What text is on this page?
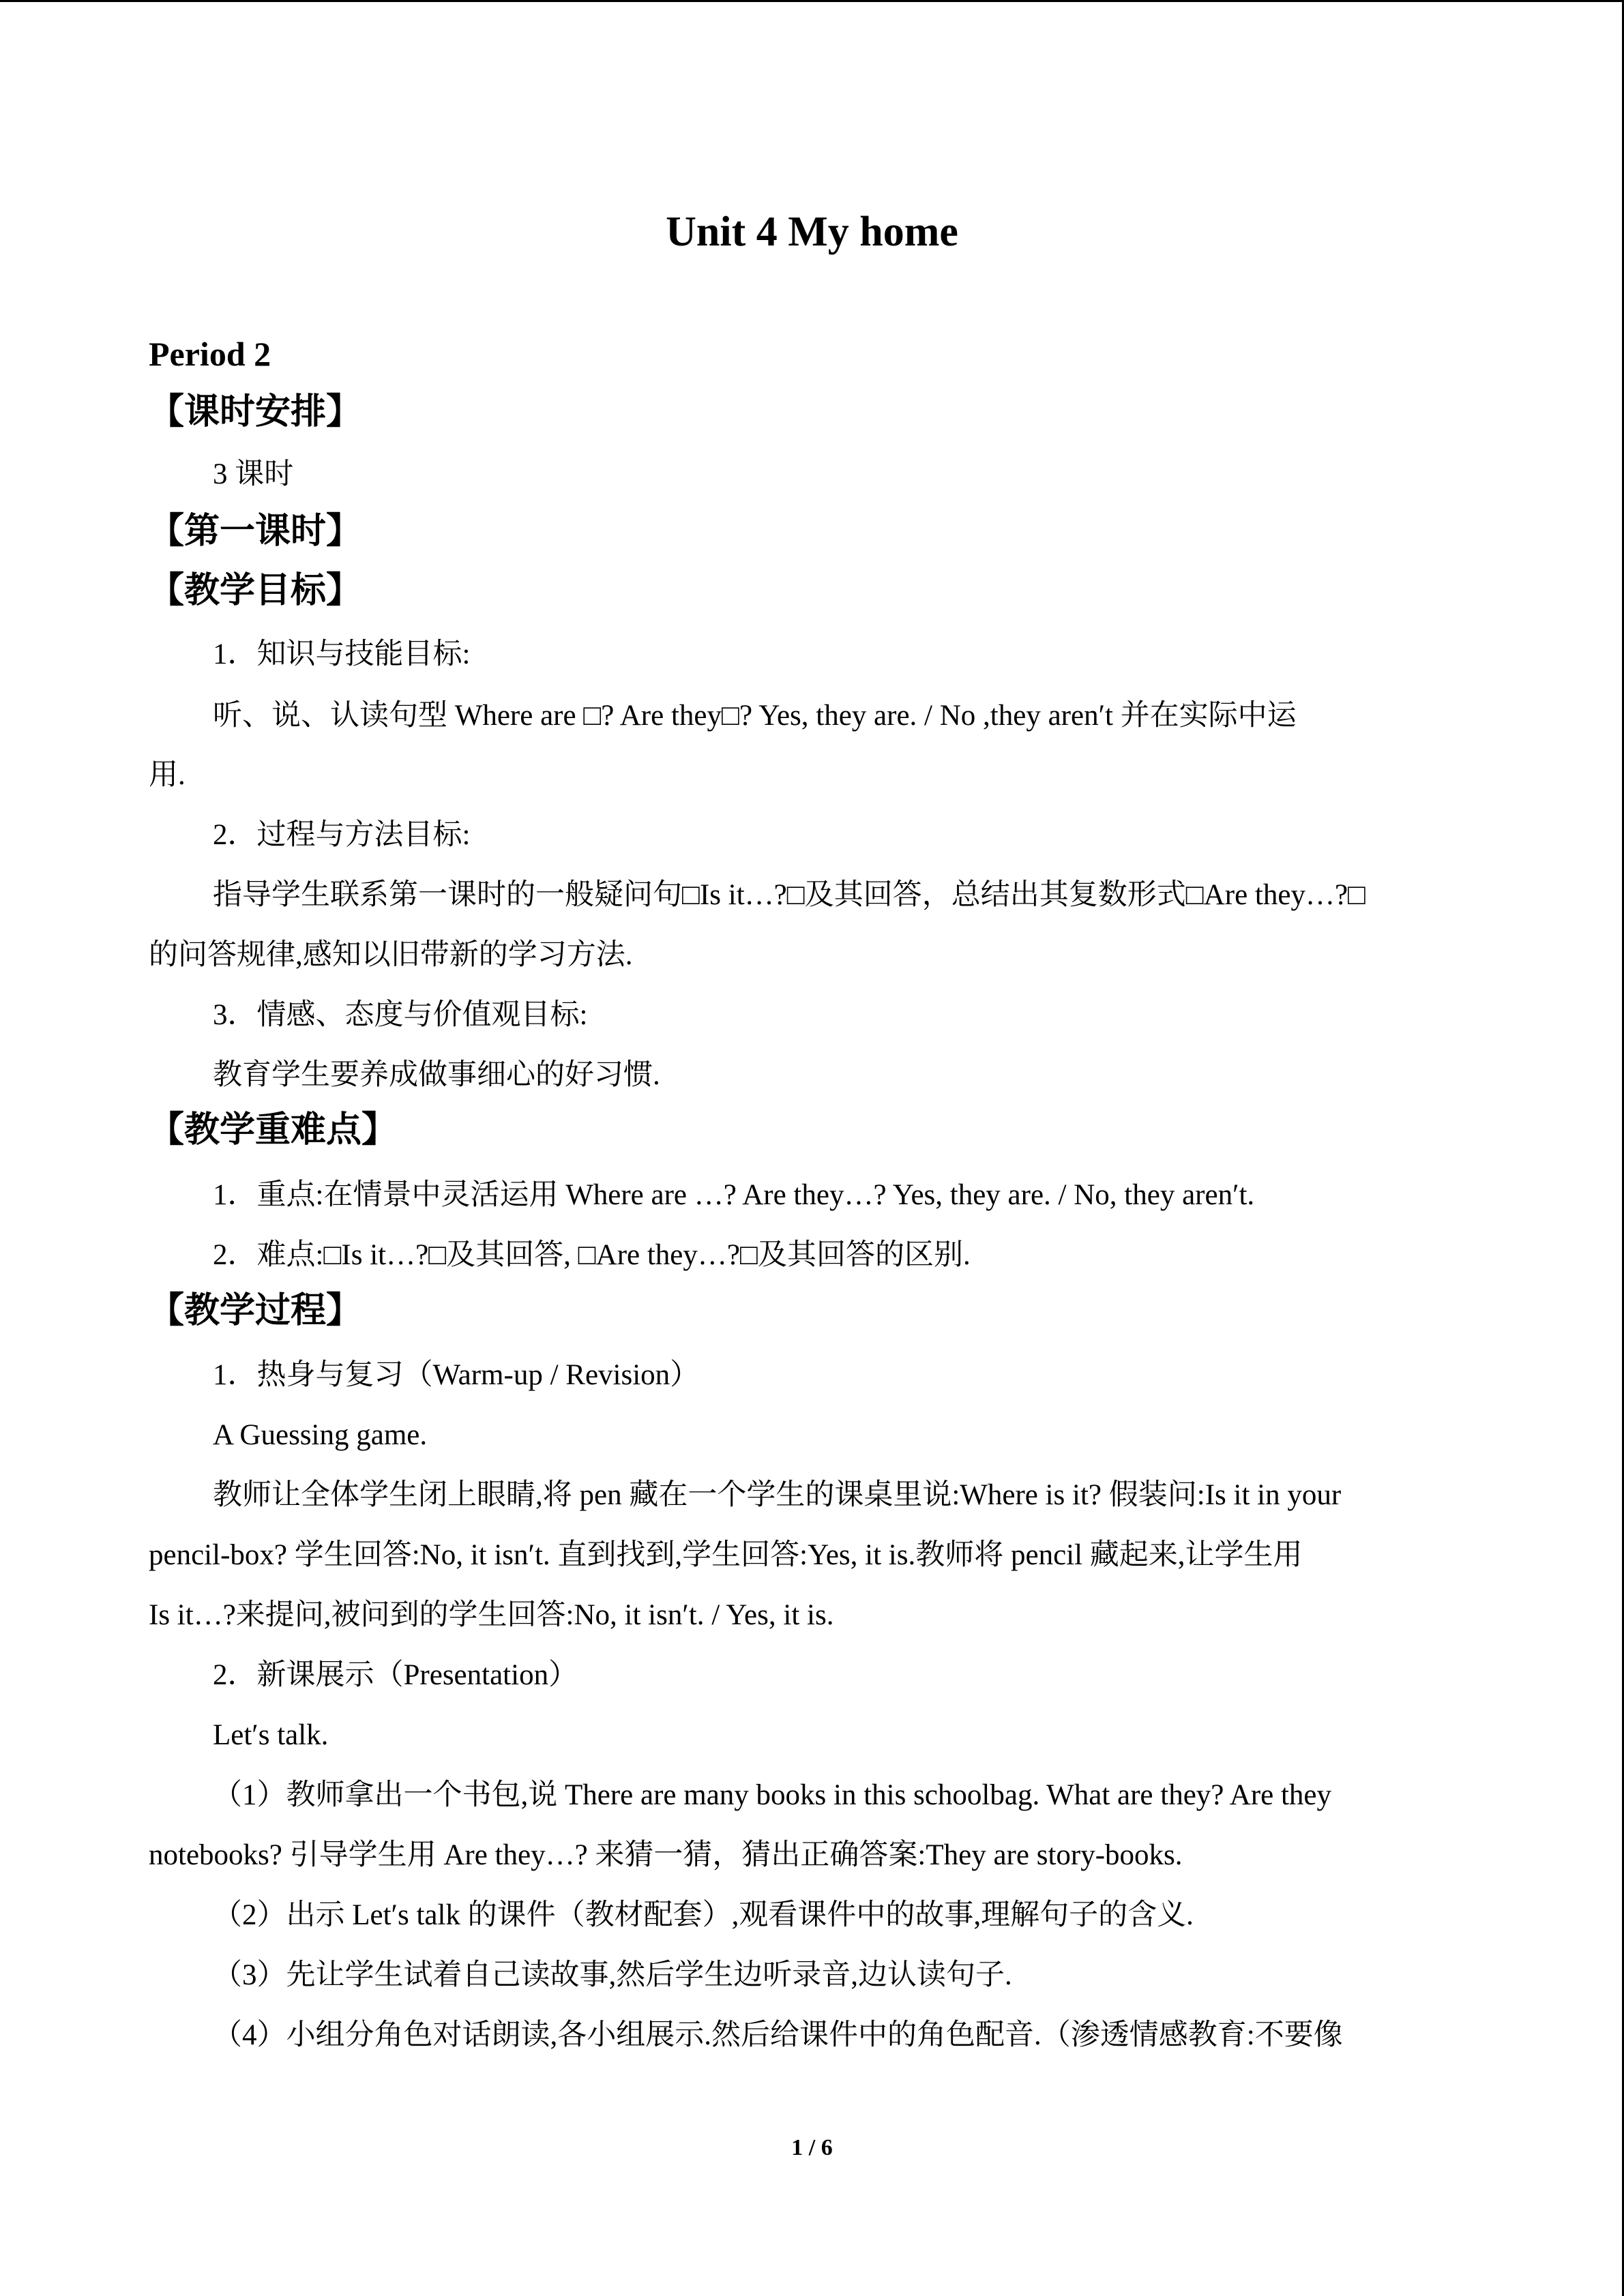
Unit 4 My home
Period 2
【课时安排】
3 课时
【第一课时】
【教学目标】
1．知识与技能目标:
听、说、认读句型 Where are □? Are they□? Yes, they are. / No ,they aren′t 并在实际中运
用.
2．过程与方法目标:
指导学生联系第一课时的一般疑问句□Is it…?□及其回答，总结出其复数形式□Are they…?□
的问答规律,感知以旧带新的学习方法.
3．情感、态度与价值观目标:
教育学生要养成做事细心的好习惯.
【教学重难点】
1．重点:在情景中灵活运用 Where are …? Are they…? Yes, they are. / No, they aren′t.
2．难点:□Is it…?□及其回答, □Are they…?□及其回答的区别.
【教学过程】
1．热身与复习（Warm-up / Revision）
A Guessing game.
教师让全体学生闭上眼睛,将 pen 藏在一个学生的课桌里说:Where is it? 假装问:Is it in your
pencil-box? 学生回答:No, it isn′t. 直到找到,学生回答:Yes, it is.教师将 pencil 藏起来,让学生用
Is it…?来提问,被问到的学生回答:No, it isn′t. / Yes, it is.
2．新课展示（Presentation）
Let′s talk.
（1）教师拿出一个书包,说 There are many books in this schoolbag. What are they? Are they
notebooks? 引导学生用 Are they…? 来猜一猜，猜出正确答案:They are story-books.
（2）出示 Let′s talk 的课件（教材配套）,观看课件中的故事,理解句子的含义.
（3）先让学生试着自己读故事,然后学生边听录音,边认读句子.
（4）小组分角色对话朗读,各小组展示.然后给课件中的角色配音.（渗透情感教育:不要像
1 / 6
